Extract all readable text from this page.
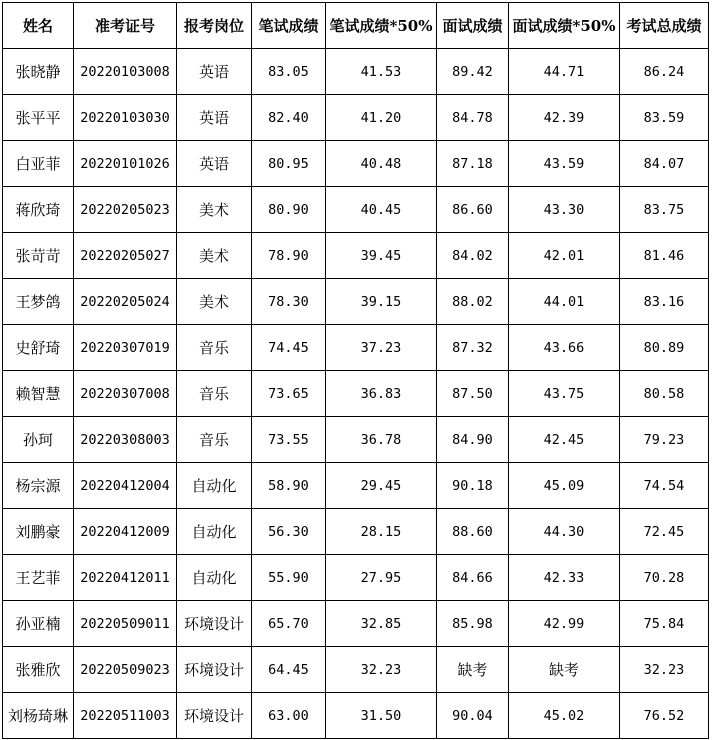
姓名	准考证号	报考岗位	笔试成绩	笔试成绩*50%	面试成绩	面试成绩*50%	考试总成绩
张晓静	20220103008	英语	83.05	41.53	89.42	44.71	86.24
张平平	20220103030	英语	82.40	41.20	84.78	42.39	83.59
白亚菲	20220101026	英语	80.95	40.48	87.18	43.59	84.07
蒋欣琦	20220205023	美术	80.90	40.45	86.60	43.30	83.75
张苛苛	20220205027	美术	78.90	39.45	84.02	42.01	81.46
王梦鸽	20220205024	美术	78.30	39.15	88.02	44.01	83.16
史舒琦	20220307019	音乐	74.45	37.23	87.32	43.66	80.89
赖智慧	20220307008	音乐	73.65	36.83	87.50	43.75	80.58
孙珂	20220308003	音乐	73.55	36.78	84.90	42.45	79.23
杨宗源	20220412004	自动化	58.90	29.45	90.18	45.09	74.54
刘鹏豪	20220412009	自动化	56.30	28.15	88.60	44.30	72.45
王艺菲	20220412011	自动化	55.90	27.95	84.66	42.33	70.28
孙亚楠	20220509011	环境设计	65.70	32.85	85.98	42.99	75.84
张雅欣	20220509023	环境设计	64.45	32.23	缺考	缺考	32.23
刘杨琦琳	20220511003	环境设计	63.00	31.50	90.04	45.02	76.52
